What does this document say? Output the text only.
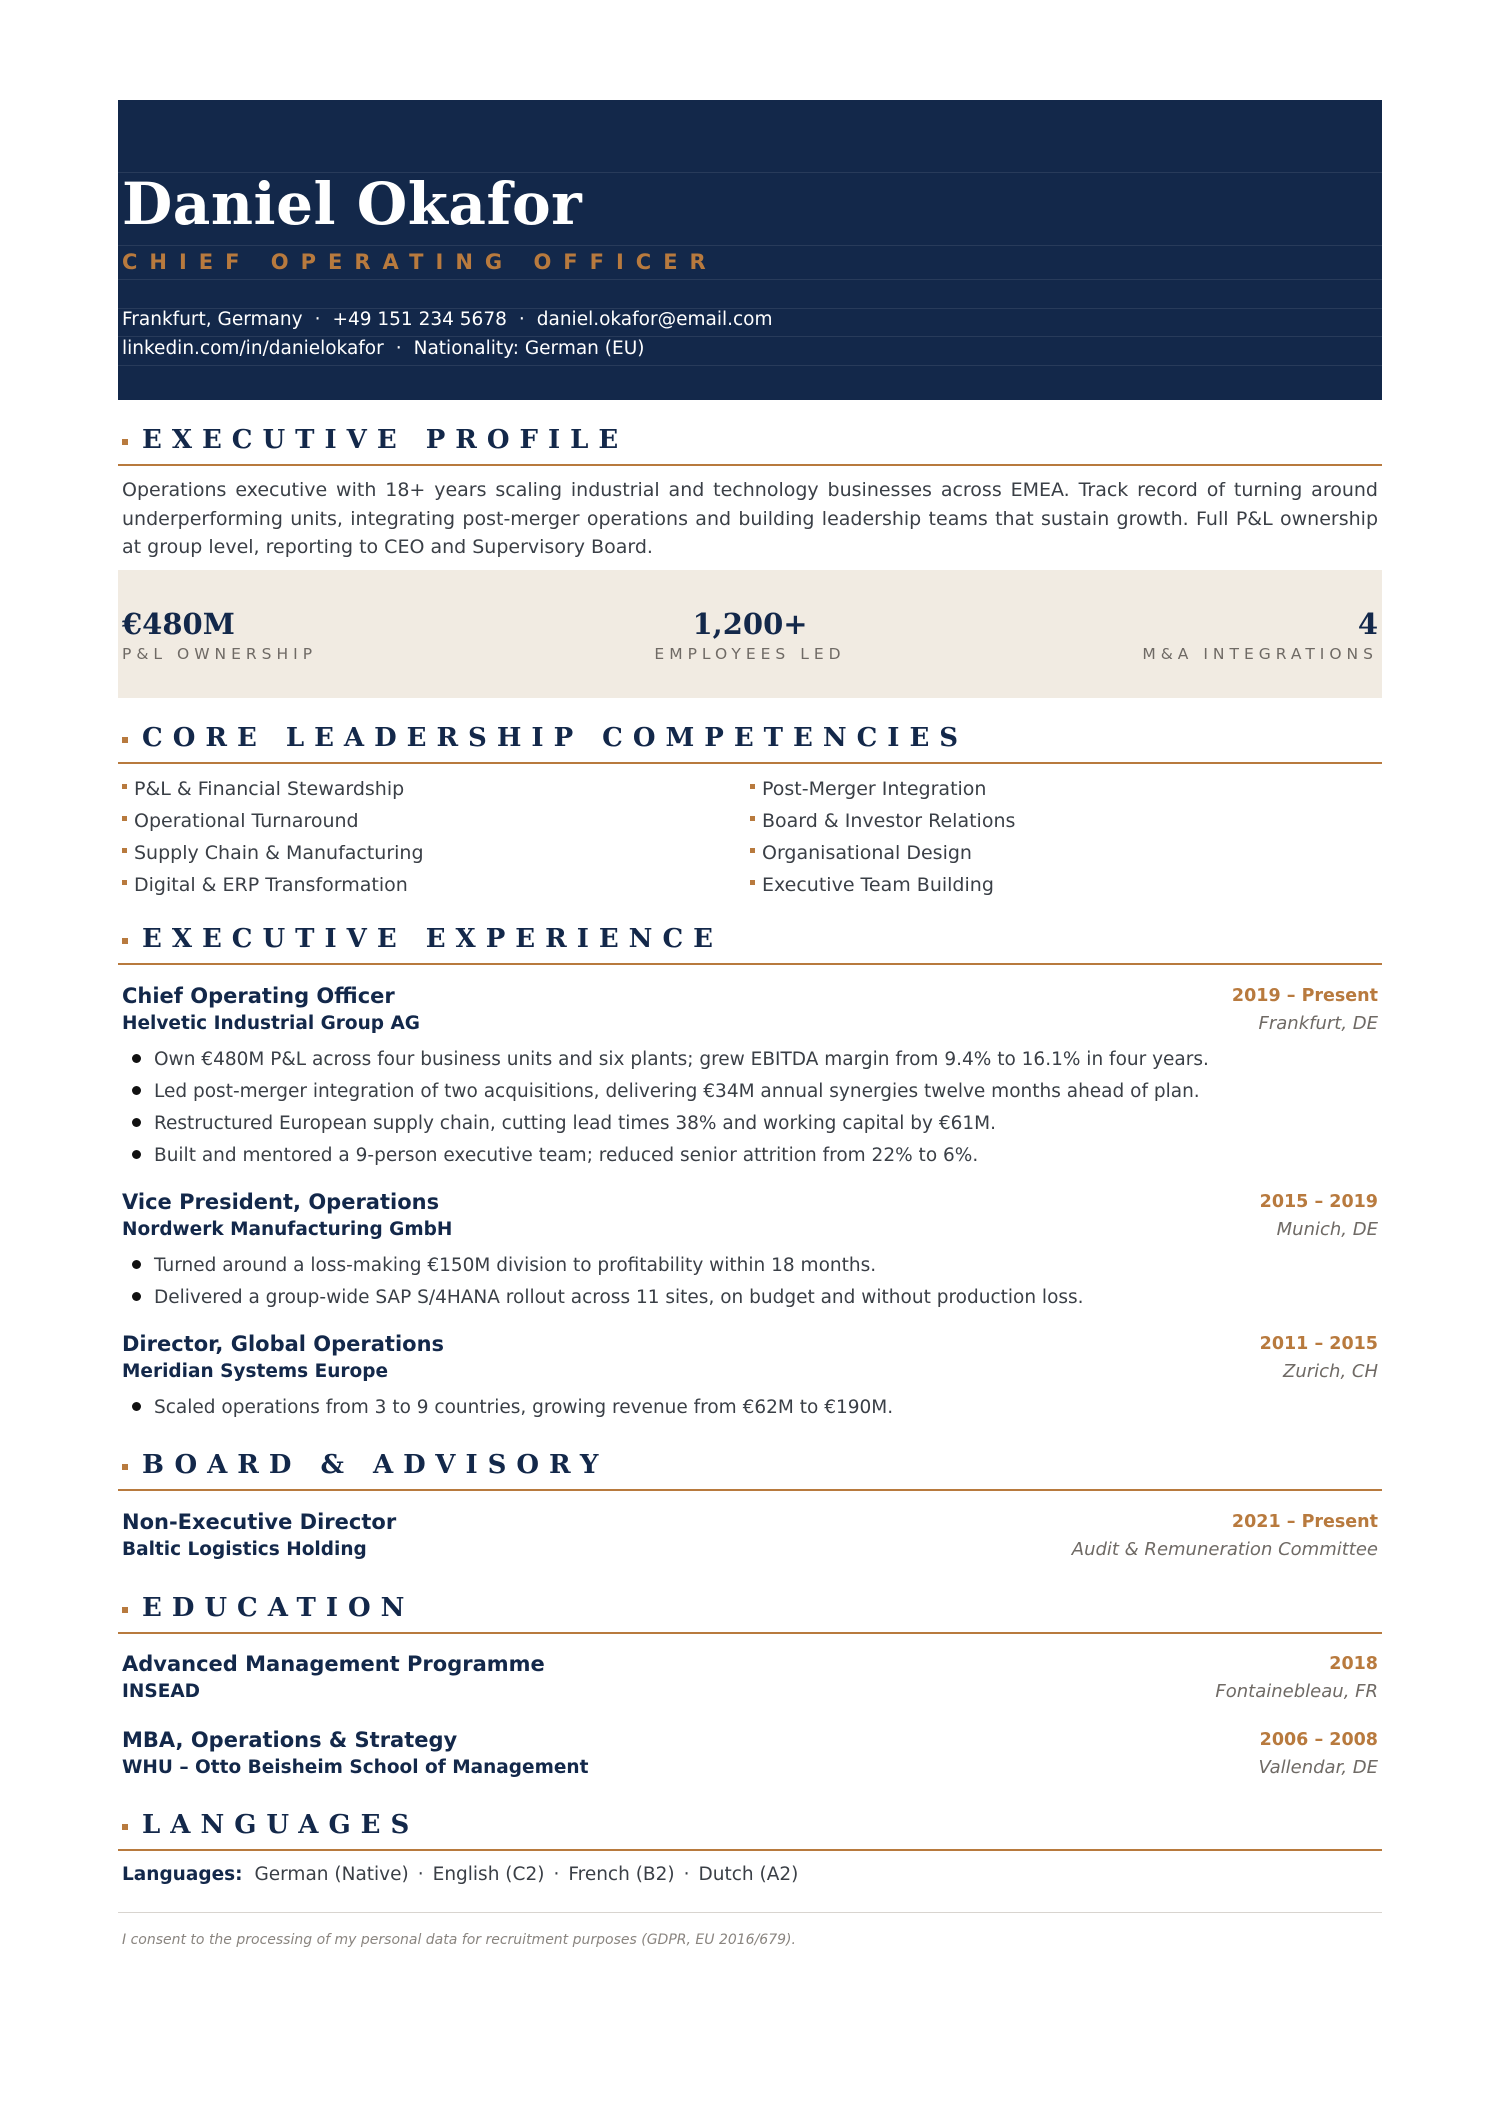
Daniel Okafor
CHIEF OPERATING OFFICER
Frankfurt, Germany · +49 151 234 5678 · daniel.okafor@email.com
linkedin.com/in/danielokafor · Nationality: German (EU)
EXECUTIVE PROFILE
Operations executive with 18+ years scaling industrial and technology businesses across EMEA. Track record of turning around underperforming units, integrating post-merger operations and building leadership teams that sustain growth. Full P&L ownership at group level, reporting to CEO and Supervisory Board.
€480M
P&L OWNERSHIP
1,200+
EMPLOYEES LED
4
M&A INTEGRATIONS
CORE LEADERSHIP COMPETENCIES
P&L & Financial Stewardship
Operational Turnaround
Supply Chain & Manufacturing
Digital & ERP Transformation
Post-Merger Integration
Board & Investor Relations
Organisational Design
Executive Team Building
EXECUTIVE EXPERIENCE
Chief Operating Officer	2019 – Present
Helvetic Industrial Group AG	Frankfurt, DE
Own €480M P&L across four business units and six plants; grew EBITDA margin from 9.4% to 16.1% in four years.
Led post-merger integration of two acquisitions, delivering €34M annual synergies twelve months ahead of plan.
Restructured European supply chain, cutting lead times 38% and working capital by €61M.
Built and mentored a 9-person executive team; reduced senior attrition from 22% to 6%.
Vice President, Operations	2015 – 2019
Nordwerk Manufacturing GmbH	Munich, DE
Turned around a loss-making €150M division to profitability within 18 months.
Delivered a group-wide SAP S/4HANA rollout across 11 sites, on budget and without production loss.
Director, Global Operations	2011 – 2015
Meridian Systems Europe	Zurich, CH
Scaled operations from 3 to 9 countries, growing revenue from €62M to €190M.
BOARD & ADVISORY
Non-Executive Director	2021 – Present
Baltic Logistics Holding	Audit & Remuneration Committee
EDUCATION
Advanced Management Programme	2018
INSEAD	Fontainebleau, FR
MBA, Operations & Strategy	2006 – 2008
WHU – Otto Beisheim School of Management	Vallendar, DE
LANGUAGES
Languages: German (Native) · English (C2) · French (B2) · Dutch (A2)
I consent to the processing of my personal data for recruitment purposes (GDPR, EU 2016/679).
